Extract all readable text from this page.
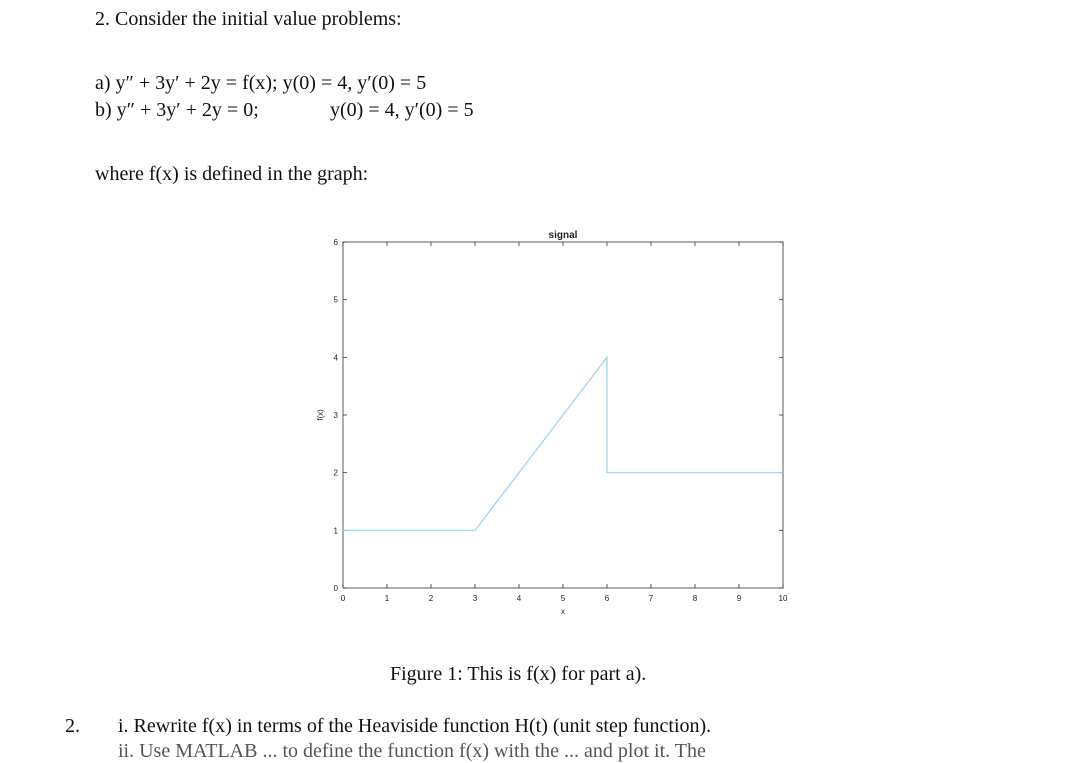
2. Consider the initial value problems:
a) y″ + 3y′ + 2y = f(x); y(0) = 4, y′(0) = 5
b) y″ + 3y′ + 2y = 0;	y(0) = 4, y′(0) = 5
where f(x) is defined in the graph:
0	1	2	3	4	5	6	7	8	9	10
0
1
2
3
4
5
6
signal
x
f(x)
Figure 1: This is f(x) for part a).
2. i. Rewrite f(x) in terms of the Heaviside function H(t) (unit step function).
ii. Use MATLAB ... to define the function f(x) with the ... and plot it. The
